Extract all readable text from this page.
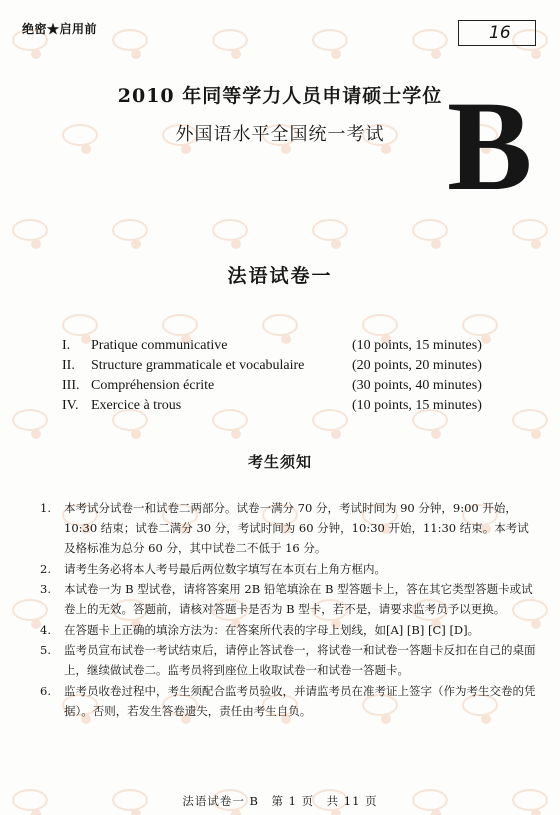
绝密★启用前	16
2010 年同等学力人员申请硕士学位
外国语水平全国统一考试 B
法语试卷一
I. Pratique communicative	(10 points, 15 minutes)
II. Structure grammaticale et vocabulaire	(20 points, 20 minutes)
III. Compréhension écrite	(30 points, 40 minutes)
IV. Exercice à trous	(10 points, 15 minutes)
考生须知
1. 本考试分试卷一和试卷二两部分。试卷一满分 70 分，考试时间为 90 分钟，9:00 开始，10:30 结束；试卷二满分 30 分，考试时间为 60 分钟，10:30 开始，11:30 结束。本考试及格标准为总分 60 分，其中试卷二不低于 16 分。
2. 请考生务必将本人考号最后两位数字填写在本页右上角方框内。
3. 本试卷一为 B 型试卷，请将答案用 2B 铅笔填涂在 B 型答题卡上，答在其它类型答题卡或试卷上的无效。答题前，请核对答题卡是否为 B 型卡，若不是，请要求监考员予以更换。
4. 在答题卡上正确的填涂方法为：在答案所代表的字母上划线，如[A] [B] [C] [D]。
5. 监考员宣布试卷一考试结束后，请停止答试卷一，将试卷一和试卷一答题卡反扣在自己的桌面上，继续做试卷二。监考员将到座位上收取试卷一和试卷一答题卡。
6. 监考员收卷过程中，考生须配合监考员验收，并请监考员在准考证上签字（作为考生交卷的凭据）。否则，若发生答卷遗失，责任由考生自负。
法语试卷一 B　第 1 页　共 11 页
